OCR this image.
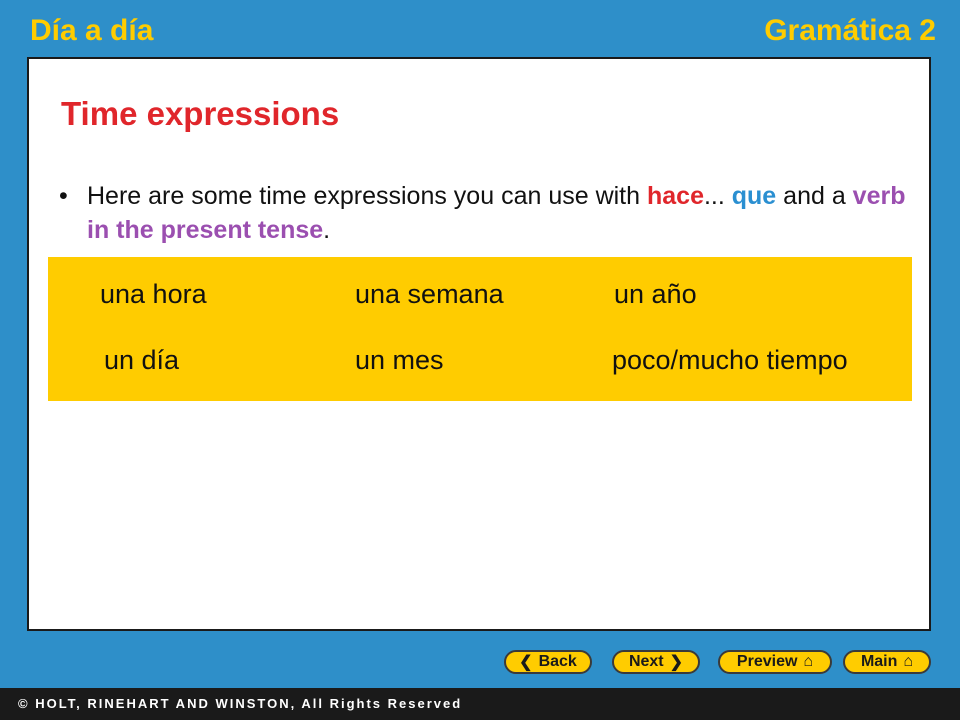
Día a día	Gramática 2
Time expressions
• Here are some time expressions you can use with hace... que and a verb in the present tense.
una hora	una semana	un año
un día	un mes	poco/mucho tiempo
❮ Back	Next ❯	Preview ⌂	Main ⌂
© HOLT, RINEHART AND WINSTON, All Rights Reserved
